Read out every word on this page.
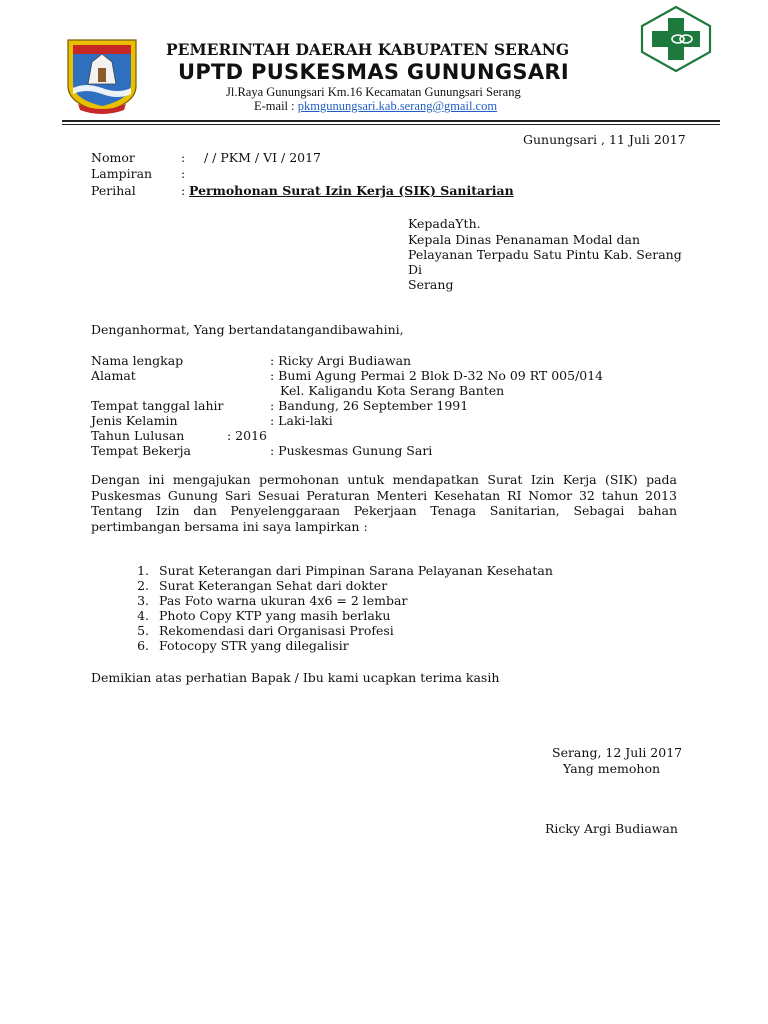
PEMERINTAH DAERAH KABUPATEN SERANG
UPTD PUSKESMAS GUNUNGSARI
Jl.Raya Gunungsari Km.16 Kecamatan Gunungsari Serang
E-mail : pkmgunungsari.kab.serang@gmail.com
Gunungsari , 11 Juli 2017
Nomor	: / / PKM / VI / 2017
Lampiran :
Perihal	: Permohonan Surat Izin Kerja (SIK) Sanitarian
KepadaYth.
Kepala Dinas Penanaman Modal dan
Pelayanan Terpadu Satu Pintu Kab. Serang
Di
Serang
Denganhormat, Yang bertandatangandibawahini,
Nama lengkap	: Ricky Argi Budiawan
Alamat	: Bumi Agung Permai 2 Blok D-32 No 09 RT 005/014
Kel. Kaligandu Kota Serang Banten
Tempat tanggal lahir	: Bandung, 26 September 1991
Jenis Kelamin	: Laki-laki
Tahun Lulusan	: 2016
Tempat Bekerja	: Puskesmas Gunung Sari
Dengan ini mengajukan permohonan untuk mendapatkan Surat Izin Kerja (SIK) pada Puskesmas Gunung Sari Sesuai Peraturan Menteri Kesehatan RI Nomor 32 tahun 2013 Tentang Izin dan Penyelenggaraan Pekerjaan Tenaga Sanitarian, Sebagai bahan pertimbangan bersama ini saya lampirkan :
1. Surat Keterangan dari Pimpinan Sarana Pelayanan Kesehatan
2. Surat Keterangan Sehat dari dokter
3. Pas Foto warna ukuran 4x6 = 2 lembar
4. Photo Copy KTP yang masih berlaku
5. Rekomendasi dari Organisasi Profesi
6. Fotocopy STR yang dilegalisir
Demikian atas perhatian Bapak / Ibu kami ucapkan terima kasih
Serang, 12 Juli 2017
Yang memohon
Ricky Argi Budiawan
